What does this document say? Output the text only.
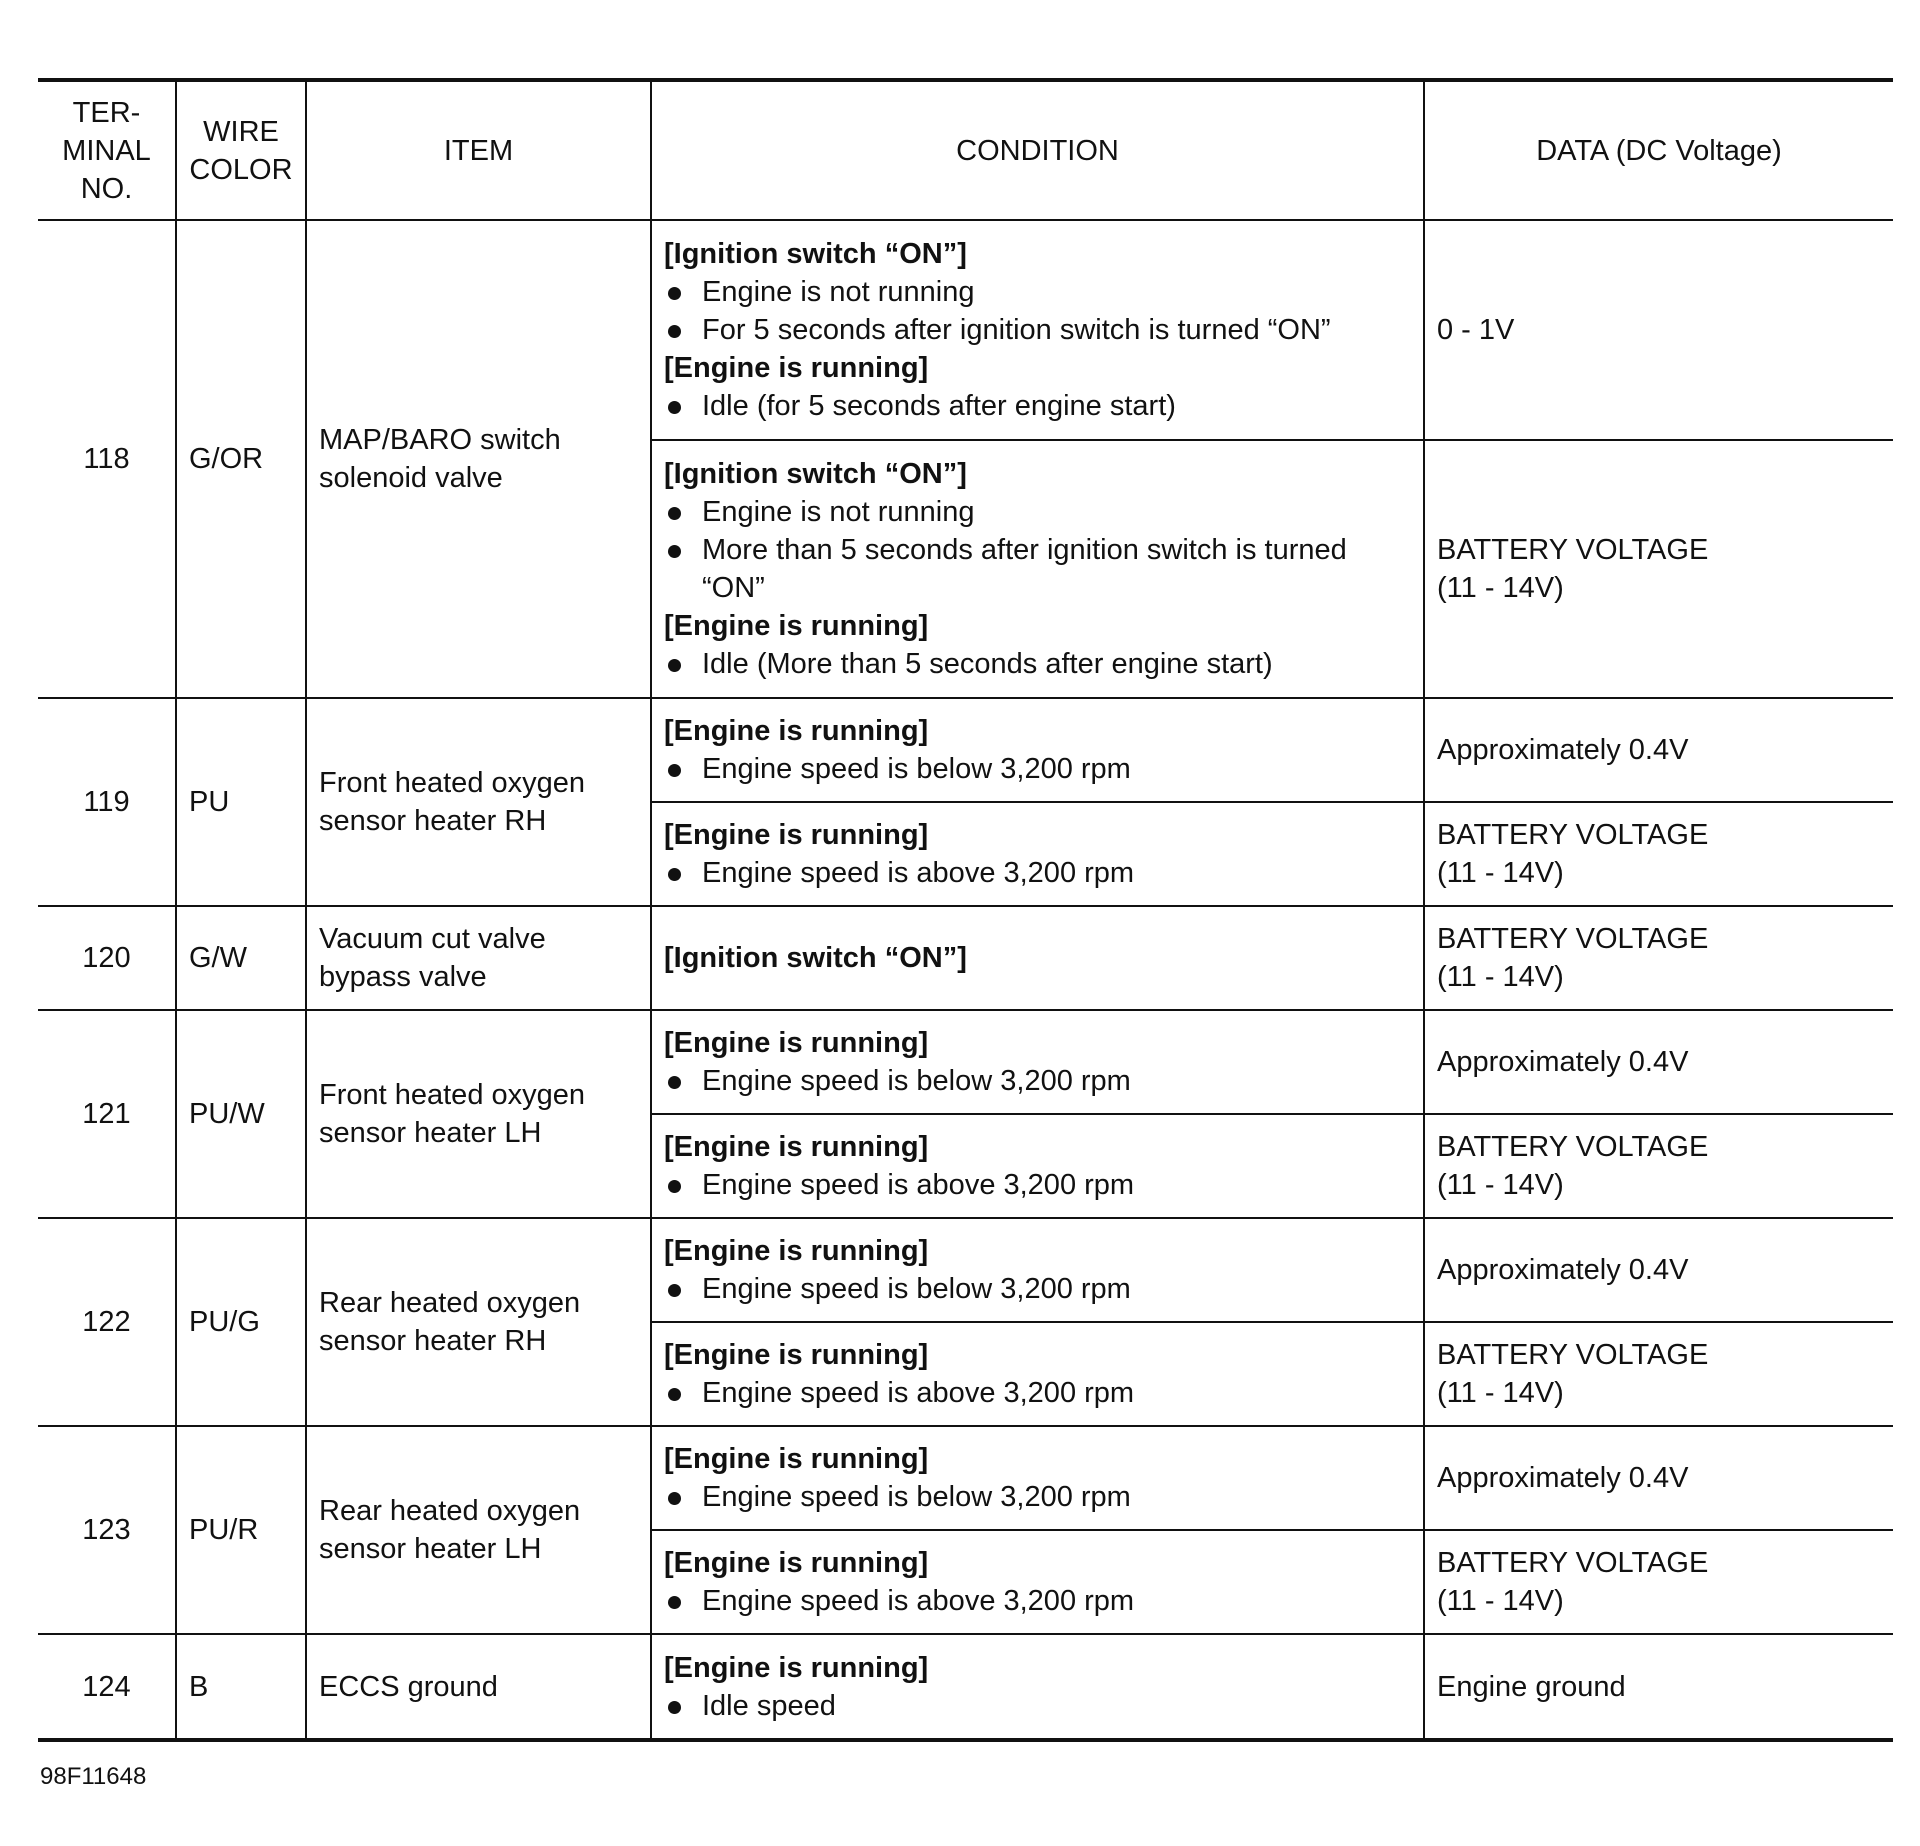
TER-
MINAL
NO.	WIRE
COLOR	ITEM	CONDITION	DATA (DC Voltage)
118	G/OR	MAP/BARO switch
solenoid valve	[Ignition switch “ON”]
Engine is not running
For 5 seconds after ignition switch is turned “ON”
[Engine is running]
Idle (for 5 seconds after engine start)	0 - 1V

			[Ignition switch “ON”]
Engine is not running
More than 5 seconds after ignition switch is turned “ON”
[Engine is running]
Idle (More than 5 seconds after engine start)	BATTERY VOLTAGE
(11 - 14V)

119	PU	Front heated oxygen
sensor heater RH	[Engine is running]
Engine speed is below 3,200 rpm	Approximately 0.4V

			[Engine is running]
Engine speed is above 3,200 rpm	BATTERY VOLTAGE
(11 - 14V)

120	G/W	Vacuum cut valve
bypass valve	[Ignition switch “ON”]	BATTERY VOLTAGE
(11 - 14V)

121	PU/W	Front heated oxygen
sensor heater LH	[Engine is running]
Engine speed is below 3,200 rpm	Approximately 0.4V

			[Engine is running]
Engine speed is above 3,200 rpm	BATTERY VOLTAGE
(11 - 14V)

122	PU/G	Rear heated oxygen
sensor heater RH	[Engine is running]
Engine speed is below 3,200 rpm	Approximately 0.4V

			[Engine is running]
Engine speed is above 3,200 rpm	BATTERY VOLTAGE
(11 - 14V)

123	PU/R	Rear heated oxygen
sensor heater LH	[Engine is running]
Engine speed is below 3,200 rpm	Approximately 0.4V

			[Engine is running]
Engine speed is above 3,200 rpm	BATTERY VOLTAGE
(11 - 14V)

124	B	ECCS ground	[Engine is running]
Idle speed	Engine ground
98F11648
